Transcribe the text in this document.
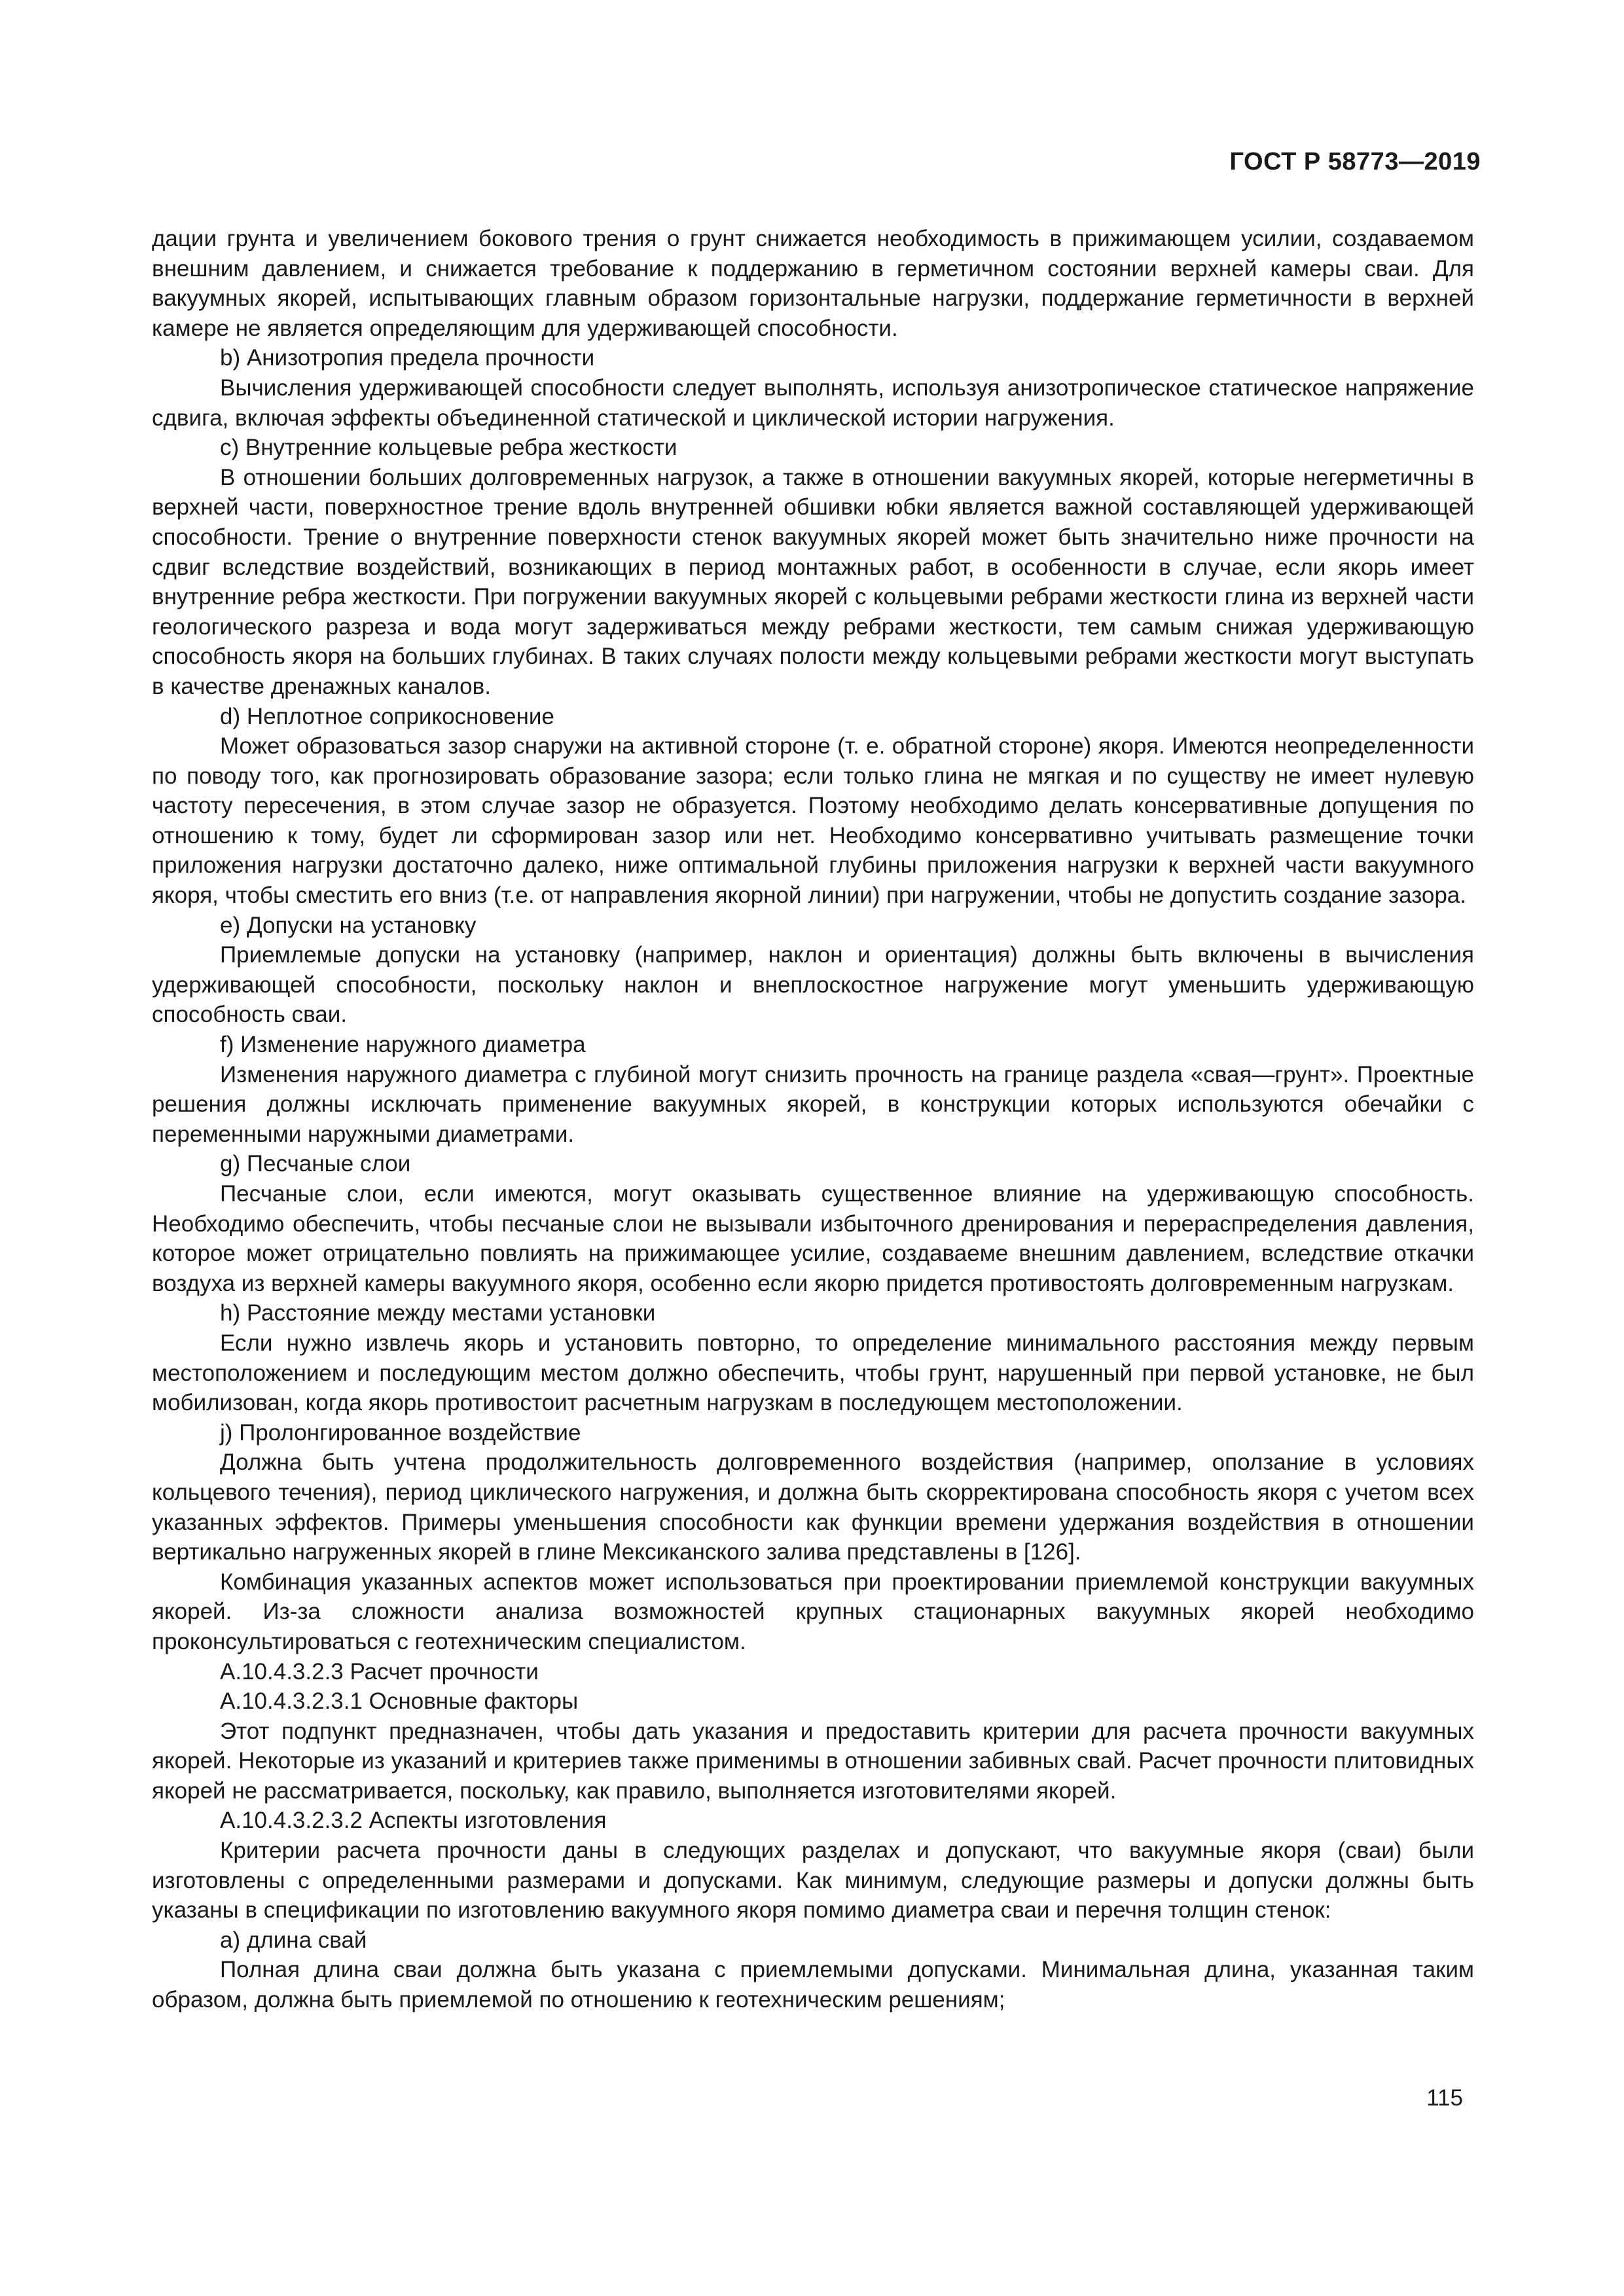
ГОСТ Р 58773—2019

дации грунта и увеличением бокового трения о грунт снижается необходимость в прижимающем усилии, создаваемом внешним давлением, и снижается требование к поддержанию в герметичном состоянии верхней камеры сваи. Для вакуумных якорей, испытывающих главным образом горизонтальные нагрузки, поддержание герметичности в верхней камере не является определяющим для удерживающей способности.

b) Анизотропия предела прочности

Вычисления удерживающей способности следует выполнять, используя анизотропическое статическое напряжение сдвига, включая эффекты объединенной статической и циклической истории нагружения.

c) Внутренние кольцевые ребра жесткости

В отношении больших долговременных нагрузок, а также в отношении вакуумных якорей, которые негерметичны в верхней части, поверхностное трение вдоль внутренней обшивки юбки является важной составляющей удерживающей способности. Трение о внутренние поверхности стенок вакуумных якорей может быть значительно ниже прочности на сдвиг вследствие воздействий, возникающих в период монтажных работ, в особенности в случае, если якорь имеет внутренние ребра жесткости. При погружении вакуумных якорей с кольцевыми ребрами жесткости глина из верхней части геологического разреза и вода могут задерживаться между ребрами жесткости, тем самым снижая удерживающую способность якоря на больших глубинах. В таких случаях полости между кольцевыми ребрами жесткости могут выступать в качестве дренажных каналов.

d) Неплотное соприкосновение

Может образоваться зазор снаружи на активной стороне (т. е. обратной стороне) якоря. Имеются неопределенности по поводу того, как прогнозировать образование зазора; если только глина не мягкая и по существу не имеет нулевую частоту пересечения, в этом случае зазор не образуется. Поэтому необходимо делать консервативные допущения по отношению к тому, будет ли сформирован зазор или нет. Необходимо консервативно учитывать размещение точки приложения нагрузки достаточно далеко, ниже оптимальной глубины приложения нагрузки к верхней части вакуумного якоря, чтобы сместить его вниз (т.е. от направления якорной линии) при нагружении, чтобы не допустить создание зазора.

e) Допуски на установку

Приемлемые допуски на установку (например, наклон и ориентация) должны быть включены в вычисления удерживающей способности, поскольку наклон и внеплоскостное нагружение могут уменьшить удерживающую способность сваи.

f) Изменение наружного диаметра

Изменения наружного диаметра с глубиной могут снизить прочность на границе раздела «свая—грунт». Проектные решения должны исключать применение вакуумных якорей, в конструкции которых используются обечайки с переменными наружными диаметрами.

g) Песчаные слои

Песчаные слои, если имеются, могут оказывать существенное влияние на удерживающую способность. Необходимо обеспечить, чтобы песчаные слои не вызывали избыточного дренирования и перераспределения давления, которое может отрицательно повлиять на прижимающее усилие, создаваеме внешним давлением, вследствие откачки воздуха из верхней камеры вакуумного якоря, особенно если якорю придется противостоять долговременным нагрузкам.

h) Расстояние между местами установки

Если нужно извлечь якорь и установить повторно, то определение минимального расстояния между первым местоположением и последующим местом должно обеспечить, чтобы грунт, нарушенный при первой установке, не был мобилизован, когда якорь противостоит расчетным нагрузкам в последующем местоположении.

j) Пролонгированное воздействие

Должна быть учтена продолжительность долговременного воздействия (например, оползание в условиях кольцевого течения), период циклического нагружения, и должна быть скорректирована способность якоря с учетом всех указанных эффектов. Примеры уменьшения способности как функции времени удержания воздействия в отношении вертикально нагруженных якорей в глине Мексиканского залива представлены в [126].

Комбинация указанных аспектов может использоваться при проектировании приемлемой конструкции вакуумных якорей. Из-за сложности анализа возможностей крупных стационарных вакуумных якорей необходимо проконсультироваться с геотехническим специалистом.

А.10.4.3.2.3 Расчет прочности

А.10.4.3.2.3.1 Основные факторы

Этот подпункт предназначен, чтобы дать указания и предоставить критерии для расчета прочности вакуумных якорей. Некоторые из указаний и критериев также применимы в отношении забивных свай. Расчет прочности плитовидных якорей не рассматривается, поскольку, как правило, выполняется изготовителями якорей.

А.10.4.3.2.3.2 Аспекты изготовления

Критерии расчета прочности даны в следующих разделах и допускают, что вакуумные якоря (сваи) были изготовлены с определенными размерами и допусками. Как минимум, следующие размеры и допуски должны быть указаны в спецификации по изготовлению вакуумного якоря помимо диаметра сваи и перечня толщин стенок:

a) длина свай

Полная длина сваи должна быть указана с приемлемыми допусками. Минимальная длина, указанная таким образом, должна быть приемлемой по отношению к геотехническим решениям;

115
